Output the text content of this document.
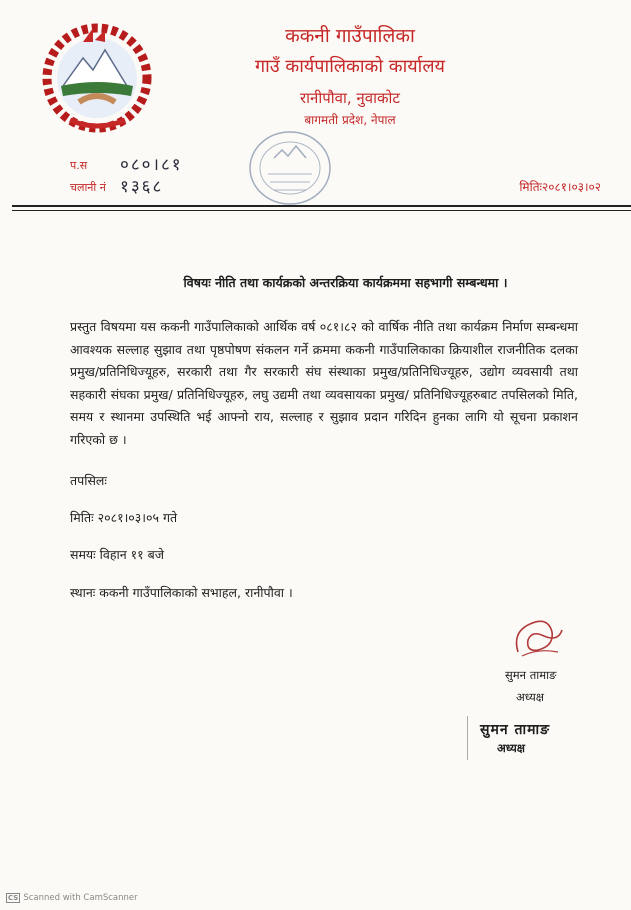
ककनी गाउँपालिका
गाउँ कार्यपालिकाको कार्यालय
रानीपौवा, नुवाकोट
बागमती प्रदेश, नेपाल
प.स ०८०।८१
चलानी नं १३६८	मितिः२०८१।०३।०२
विषयः नीति तथा कार्यक्रको अन्तरक्रिया कार्यक्रममा सहभागी सम्बन्धमा ।
प्रस्तुत विषयमा यस ककनी गाउँपालिकाको आर्थिक वर्ष ०८१।८२ को वार्षिक नीति तथा कार्यक्रम निर्माण सम्बन्धमा आवश्यक सल्लाह सुझाव तथा पृष्ठपोषण संकलन गर्ने क्रममा ककनी गाउँपालिकाका क्रियाशील राजनीतिक दलका प्रमुख/प्रतिनिधिज्यूहरु, सरकारी तथा गैर सरकारी संघ संस्थाका प्रमुख/प्रतिनिधिज्यूहरु, उद्योग व्यवसायी तथा सहकारी संघका प्रमुख/ प्रतिनिधिज्यूहरु, लघु उद्यमी तथा व्यवसायका प्रमुख/ प्रतिनिधिज्यूहरुबाट तपसिलको मिति, समय र स्थानमा उपस्थिति भई आफ्नो राय, सल्लाह र सुझाव प्रदान गरिदिन हुनका लागि यो सूचना प्रकाशन गरिएको छ ।
तपसिलः
मितिः २०८१।०३।०५ गते
समयः विहान ११ बजे
स्थानः ककनी गाउँपालिकाको सभाहल, रानीपौवा ।
सुमन तामाङ
अध्यक्ष
सुमन तामाङ
अध्यक्ष
CS Scanned with CamScanner
